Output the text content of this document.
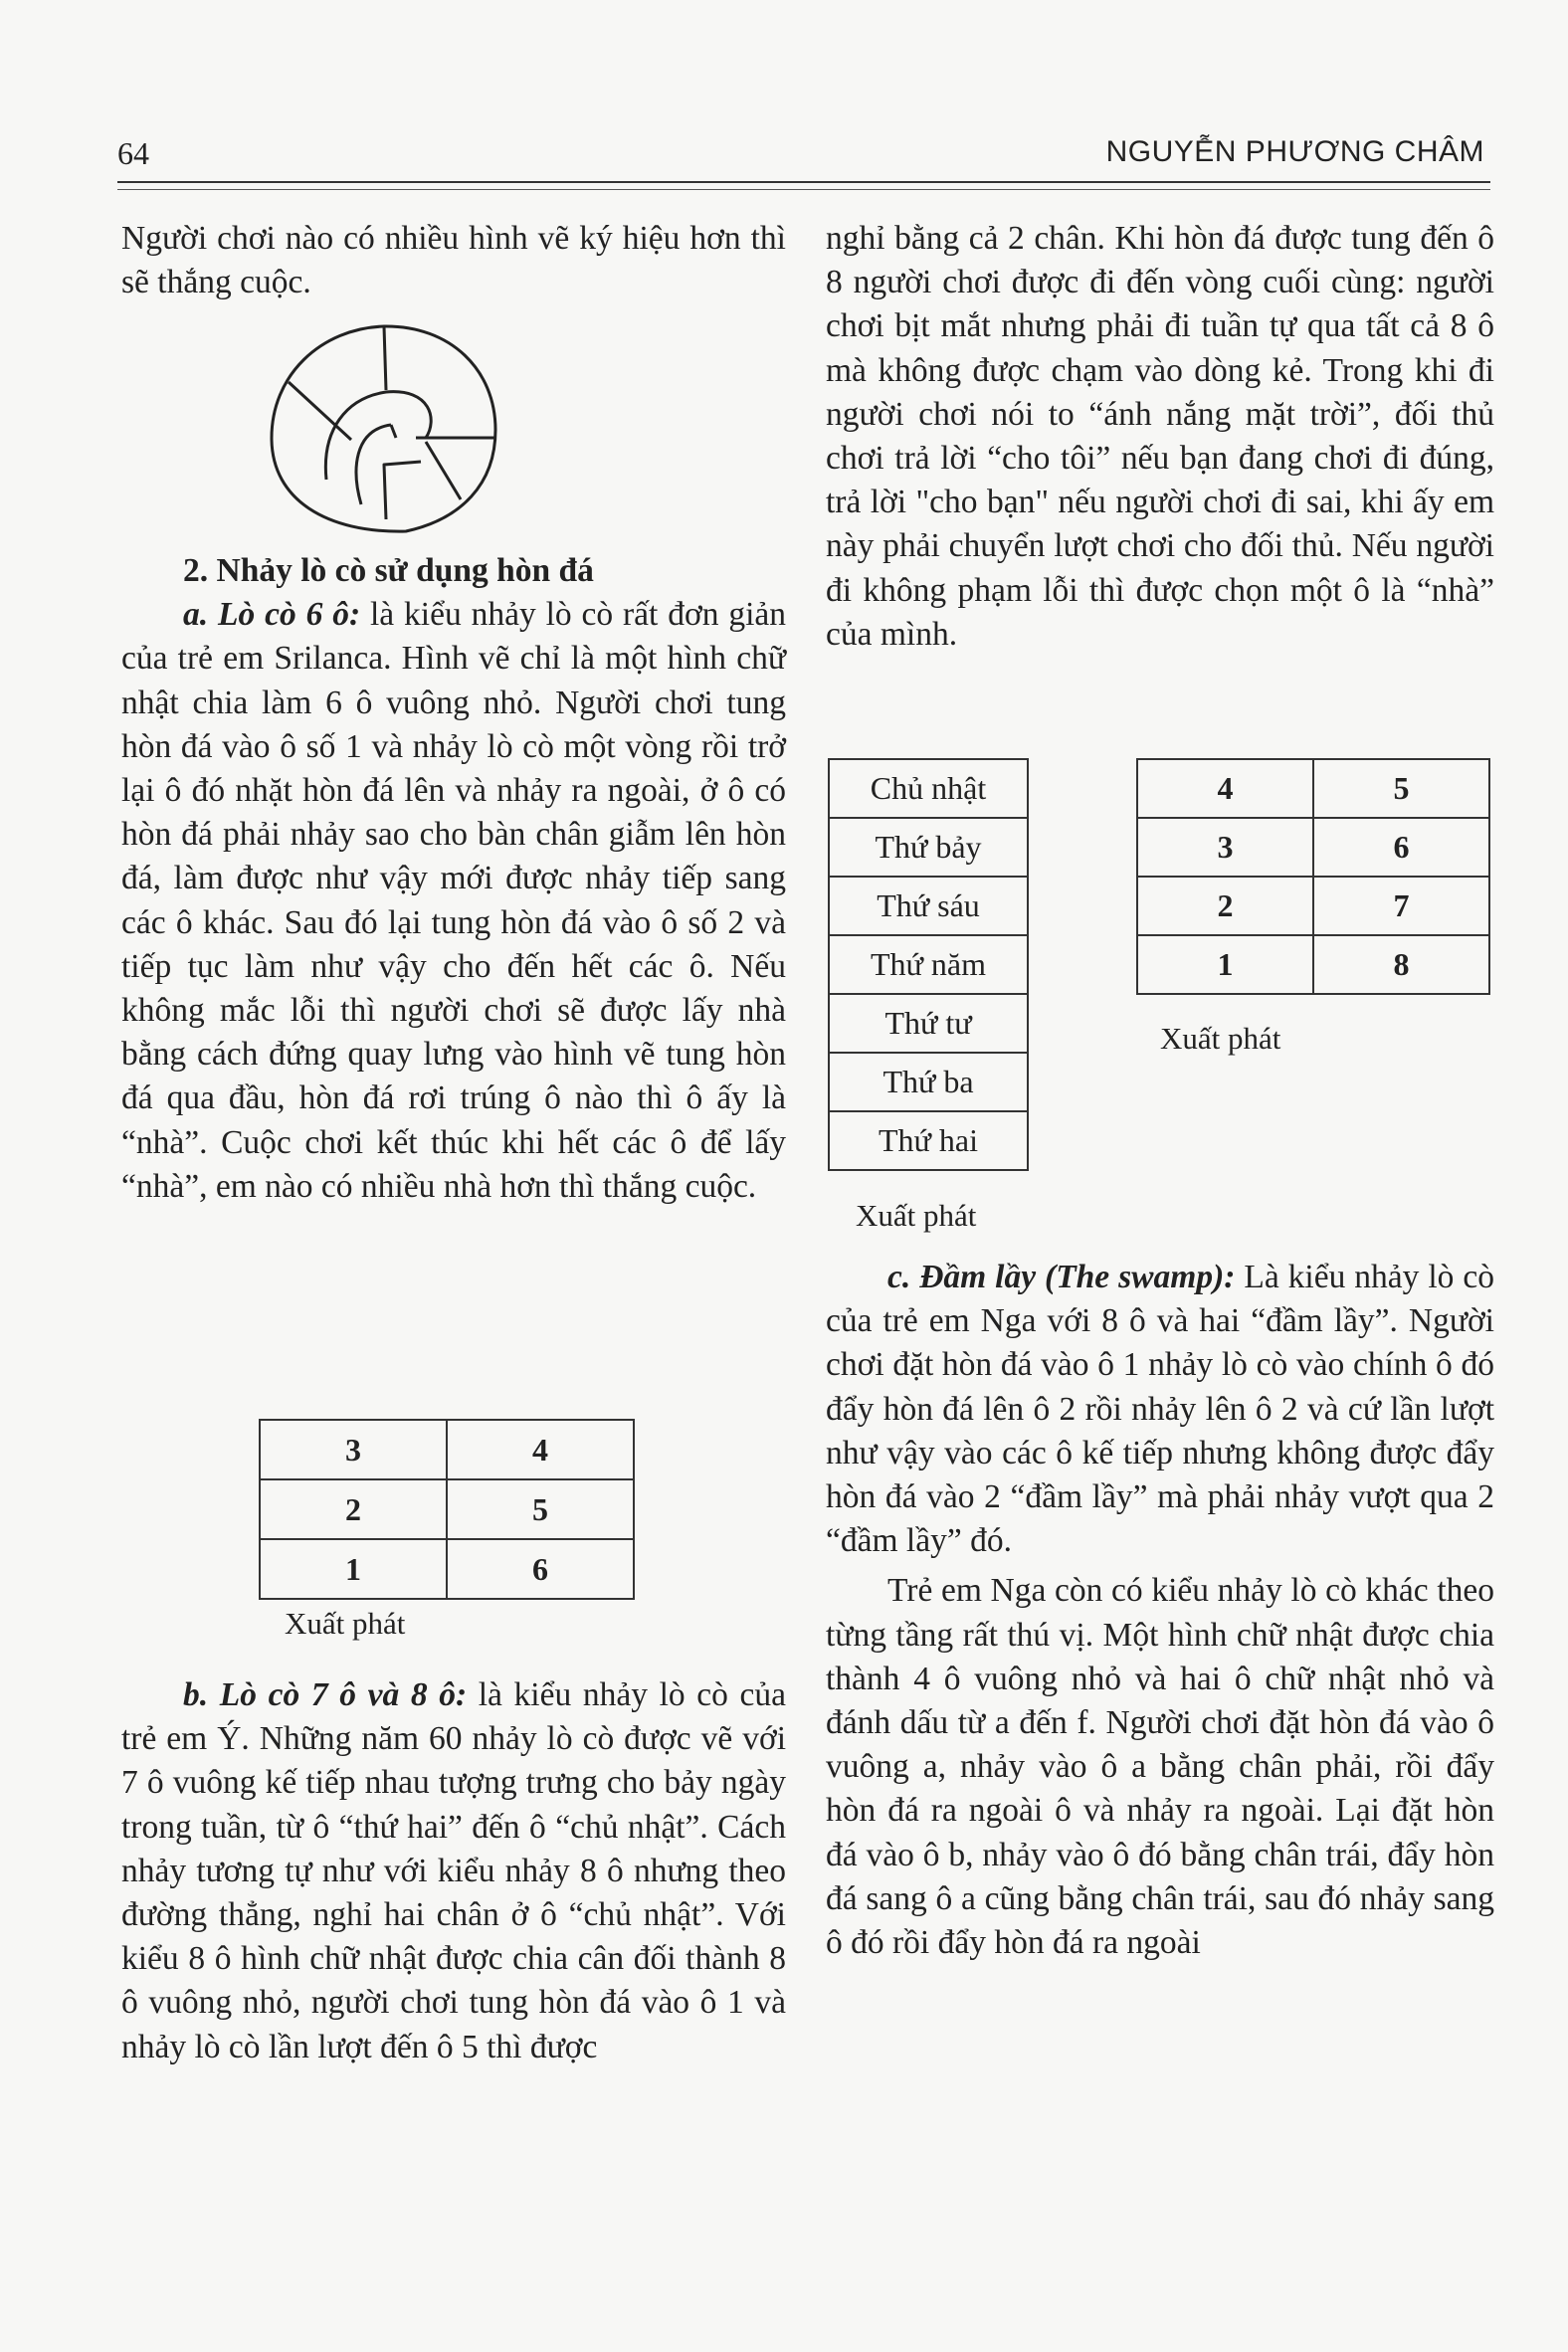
64	NGUYỄN PHƯƠNG CHÂM

Người chơi nào có nhiều hình vẽ ký hiệu hơn thì sẽ thắng cuộc.

2. Nhảy lò cò sử dụng hòn đá

a. Lò cò 6 ô: là kiểu nhảy lò cò rất đơn giản của trẻ em Srilanca. Hình vẽ chỉ là một hình chữ nhật chia làm 6 ô vuông nhỏ. Người chơi tung hòn đá vào ô số 1 và nhảy lò cò một vòng rồi trở lại ô đó nhặt hòn đá lên và nhảy ra ngoài, ở ô có hòn đá phải nhảy sao cho bàn chân giẫm lên hòn đá, làm được như vậy mới được nhảy tiếp sang các ô khác. Sau đó lại tung hòn đá vào ô số 2 và tiếp tục làm như vậy cho đến hết các ô. Nếu không mắc lỗi thì người chơi sẽ được lấy nhà bằng cách đứng quay lưng vào hình vẽ tung hòn đá qua đầu, hòn đá rơi trúng ô nào thì ô ấy là “nhà”. Cuộc chơi kết thúc khi hết các ô để lấy “nhà”, em nào có nhiều nhà hơn thì thắng cuộc.

3	4
2	5
1	6
Xuất phát

b. Lò cò 7 ô và 8 ô: là kiểu nhảy lò cò của trẻ em Ý. Những năm 60 nhảy lò cò được vẽ với 7 ô vuông kế tiếp nhau tượng trưng cho bảy ngày trong tuần, từ ô “thứ hai” đến ô “chủ nhật”. Cách nhảy tương tự như với kiểu nhảy 8 ô nhưng theo đường thẳng, nghỉ hai chân ở ô “chủ nhật”. Với kiểu 8 ô hình chữ nhật được chia cân đối thành 8 ô vuông nhỏ, người chơi tung hòn đá vào ô 1 và nhảy lò cò lần lượt đến ô 5 thì được

nghỉ bằng cả 2 chân. Khi hòn đá được tung đến ô 8 người chơi được đi đến vòng cuối cùng: người chơi bịt mắt nhưng phải đi tuần tự qua tất cả 8 ô mà không được chạm vào dòng kẻ. Trong khi đi người chơi nói to “ánh nắng mặt trời”, đối thủ chơi trả lời “cho tôi” nếu bạn đang chơi đi đúng, trả lời "cho bạn" nếu người chơi đi sai, khi ấy em này phải chuyển lượt chơi cho đối thủ. Nếu người đi không phạm lỗi thì được chọn một ô là “nhà” của mình.

Chủ nhật
Thứ bảy
Thứ sáu
Thứ năm
Thứ tư
Thứ ba
Thứ hai
Xuất phát
4	5
3	6
2	7
1	8
Xuất phát

c. Đầm lầy (The swamp): Là kiểu nhảy lò cò của trẻ em Nga với 8 ô và hai “đầm lầy”. Người chơi đặt hòn đá vào ô 1 nhảy lò cò vào chính ô đó đẩy hòn đá lên ô 2 rồi nhảy lên ô 2 và cứ lần lượt như vậy vào các ô kế tiếp nhưng không được đẩy hòn đá vào 2 “đầm lầy” mà phải nhảy vượt qua 2 “đầm lầy” đó.

Trẻ em Nga còn có kiểu nhảy lò cò khác theo từng tầng rất thú vị. Một hình chữ nhật được chia thành 4 ô vuông nhỏ và hai ô chữ nhật nhỏ và đánh dấu từ a đến f. Người chơi đặt hòn đá vào ô vuông a, nhảy vào ô a bằng chân phải, rồi đẩy hòn đá ra ngoài ô và nhảy ra ngoài. Lại đặt hòn đá vào ô b, nhảy vào ô đó bằng chân trái, đẩy hòn đá sang ô a cũng bằng chân trái, sau đó nhảy sang ô đó rồi đẩy hòn đá ra ngoài
